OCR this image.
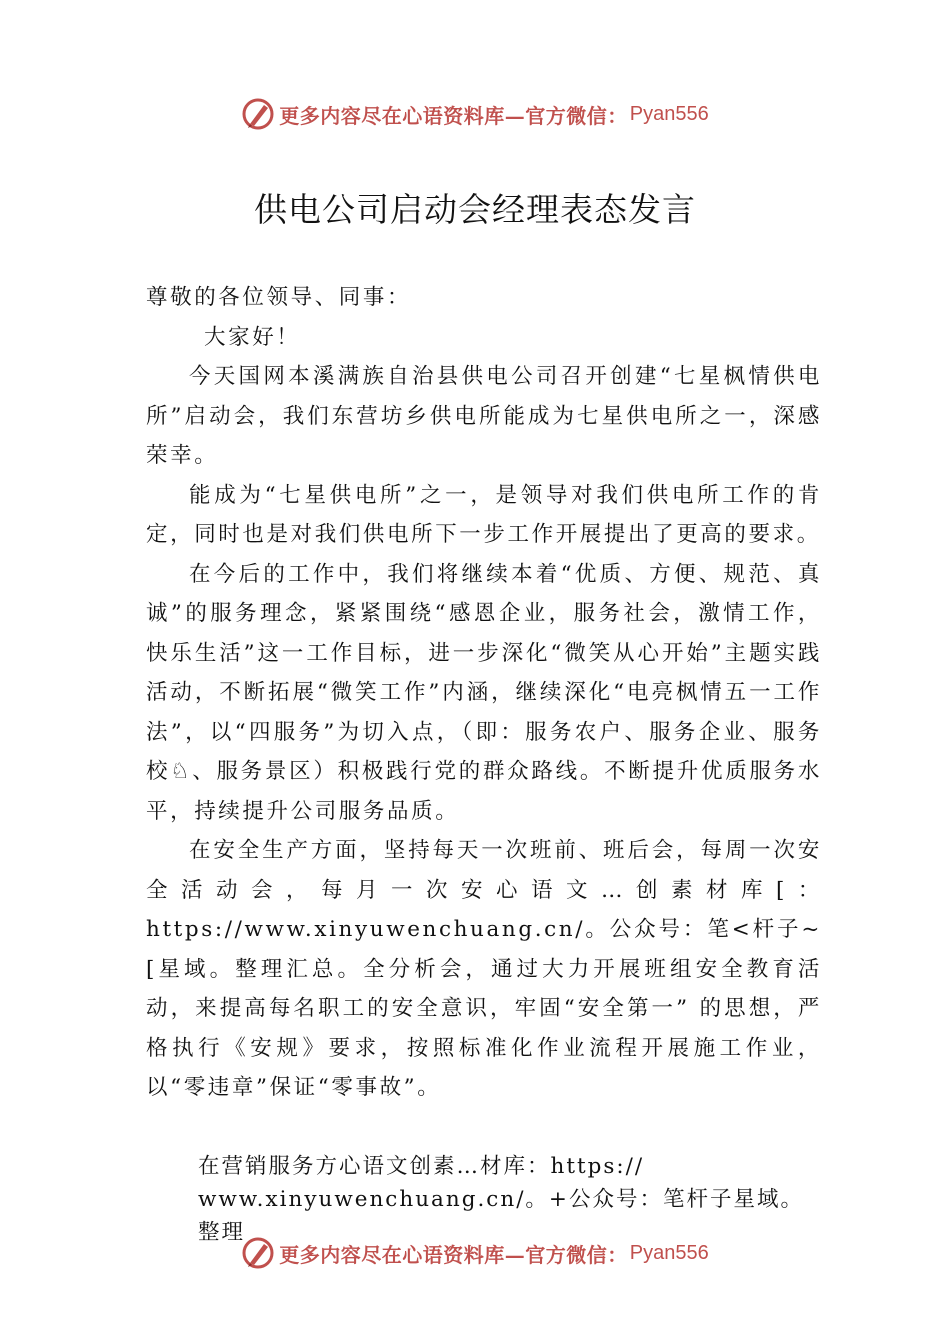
更多内容尽在心语资料库—官方微信： Pyan556
供电公司启动会经理表态发言

尊敬的各位领导、同事：

大家好！

今天国网本溪满族自治县供电公司召开创建“七星枫情供电所”启动会，我们东营坊乡供电所能成为七星供电所之一，深感荣幸。

能成为“七星供电所”之一，是领导对我们供电所工作的肯定，同时也是对我们供电所下一步工作开展提出了更高的要求。

在今后的工作中，我们将继续本着“优质、方便、规范、真诚”的服务理念，紧紧围绕“感恩企业，服务社会，激情工作，快乐生活”这一工作目标，进一步深化“微笑从心开始”主题实践活动，不断拓展“微笑工作”内涵，继续深化“电亮枫情五一工作法”，以“四服务”为切入点，（即：服务农户、服务企业、服务校♘、服务景区）积极践行党的群众路线。不断提升优质服务水平，持续提升公司服务品质。

在安全生产方面，坚持每天一次班前、班后会，每周一次安全活动会，每月一次安心语文…创素材库[：https://www.xinyuwenchuang.cn/。公众号：笔<杆子~[星域。整理汇总。全分析会，通过大力开展班组安全教育活动，来提高每名职工的安全意识，牢固“安全第一” 的思想，严格执行《安规》要求，按照标准化作业流程开展施工作业，以“零违章”保证“零事故”。

在营销服务方心语文创素…材库：https://

www.xinyuwenchuang.cn/。+公众号：笔杆子星域。整理

更多内容尽在心语资料库—官方微信： Pyan556
